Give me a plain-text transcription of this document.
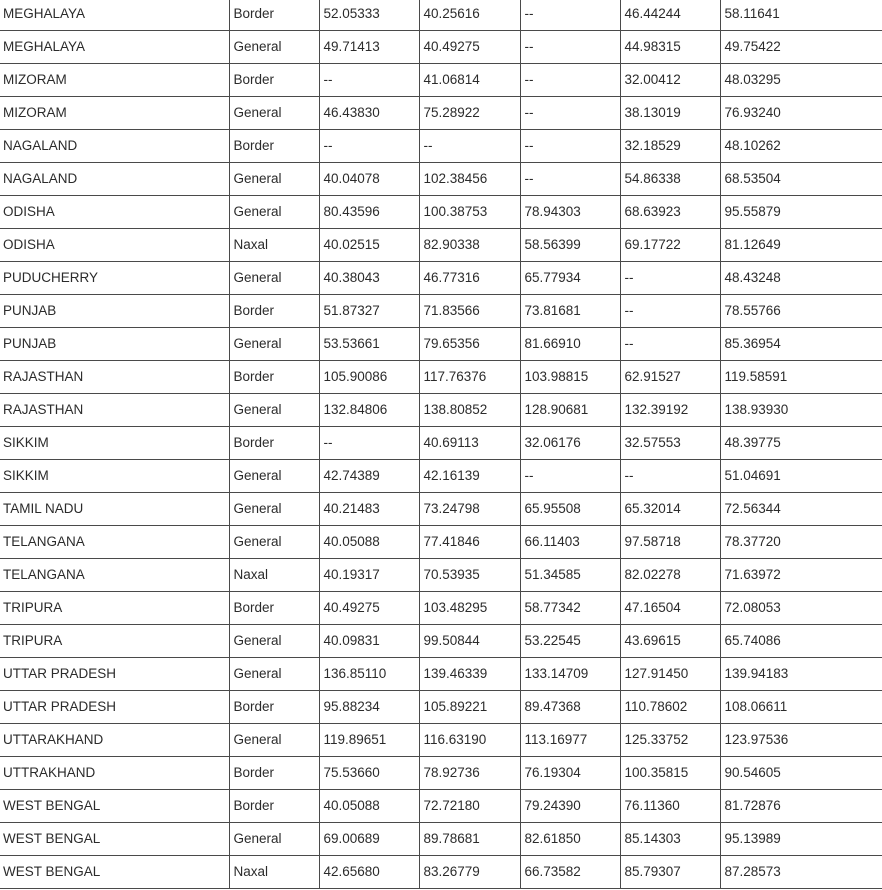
MEGHALAYA	Border	52.05333	40.25616	--	46.44244	58.11641
MEGHALAYA	General	49.71413	40.49275	--	44.98315	49.75422
MIZORAM	Border	--	41.06814	--	32.00412	48.03295
MIZORAM	General	46.43830	75.28922	--	38.13019	76.93240
NAGALAND	Border	--	--	--	32.18529	48.10262
NAGALAND	General	40.04078	102.38456	--	54.86338	68.53504
ODISHA	General	80.43596	100.38753	78.94303	68.63923	95.55879
ODISHA	Naxal	40.02515	82.90338	58.56399	69.17722	81.12649
PUDUCHERRY	General	40.38043	46.77316	65.77934	--	48.43248
PUNJAB	Border	51.87327	71.83566	73.81681	--	78.55766
PUNJAB	General	53.53661	79.65356	81.66910	--	85.36954
RAJASTHAN	Border	105.90086	117.76376	103.98815	62.91527	119.58591
RAJASTHAN	General	132.84806	138.80852	128.90681	132.39192	138.93930
SIKKIM	Border	--	40.69113	32.06176	32.57553	48.39775
SIKKIM	General	42.74389	42.16139	--	--	51.04691
TAMIL NADU	General	40.21483	73.24798	65.95508	65.32014	72.56344
TELANGANA	General	40.05088	77.41846	66.11403	97.58718	78.37720
TELANGANA	Naxal	40.19317	70.53935	51.34585	82.02278	71.63972
TRIPURA	Border	40.49275	103.48295	58.77342	47.16504	72.08053
TRIPURA	General	40.09831	99.50844	53.22545	43.69615	65.74086
UTTAR PRADESH	General	136.85110	139.46339	133.14709	127.91450	139.94183
UTTAR PRADESH	Border	95.88234	105.89221	89.47368	110.78602	108.06611
UTTARAKHAND	General	119.89651	116.63190	113.16977	125.33752	123.97536
UTTRAKHAND	Border	75.53660	78.92736	76.19304	100.35815	90.54605
WEST BENGAL	Border	40.05088	72.72180	79.24390	76.11360	81.72876
WEST BENGAL	General	69.00689	89.78681	82.61850	85.14303	95.13989
WEST BENGAL	Naxal	42.65680	83.26779	66.73582	85.79307	87.28573
